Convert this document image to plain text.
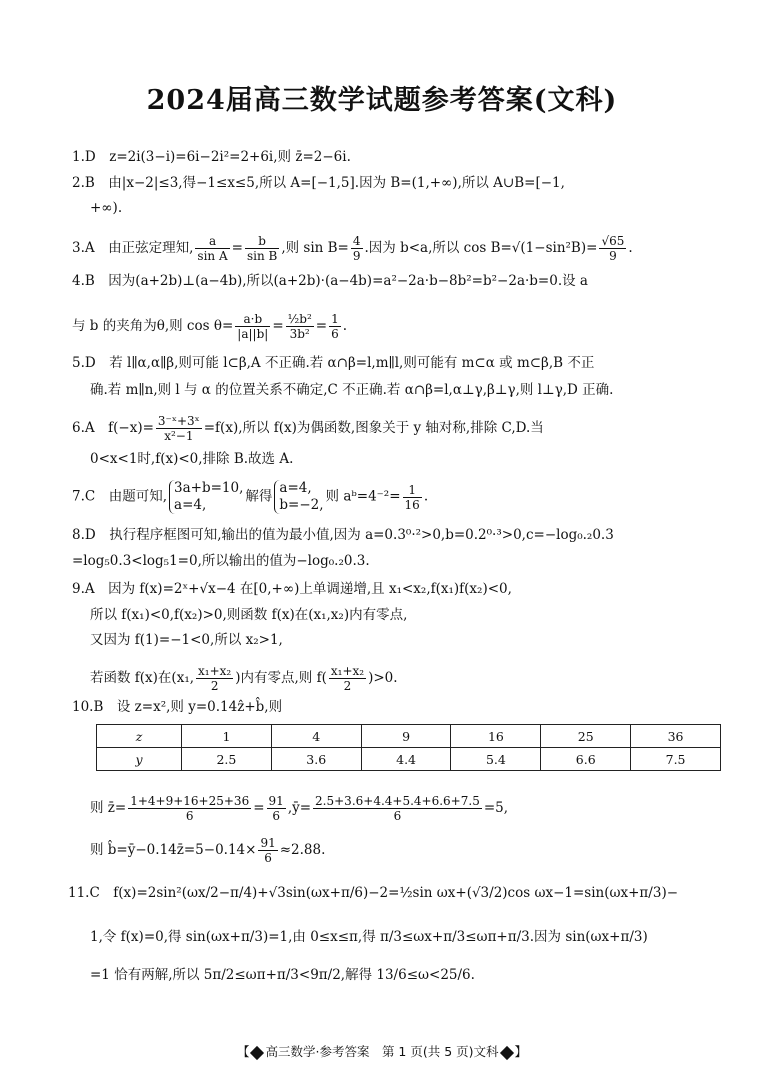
2024届高三数学试题参考答案(文科)
1.D　z=2i(3−i)=6i−2i²=2+6i,则 z̄=2−6i.
2.B　由|x−2|≤3,得−1≤x≤5,所以 A=[−1,5].因为 B=(1,+∞),所以 A∪B=[−1,
+∞).
3.A　由正弦定理知, $\frac{a}{\text{sin A}} = \frac{b}{\text{sin B}}$ ,则 $\sin B= \frac{4}{9}$ .因为 b<a,所以 $\cos B=√(1-\sin^2B)= \frac{√65}{9}$ .
4.B　因为(a+2b)⊥(a−4b),所以(a+2b)·(a−4b)=a²−2a·b−8b²=b²−2a·b=0.设 a
与 b 的夹角为θ,则 $\cos \theta= \frac{a\cdot b}{|a||b|} = \frac{\text{½b²}}{\text{3b²}} = \frac{1}{6}$ .
5.D　若 l∥α,α∥β,则可能 l⊂β,A 不正确.若 α∩β=l,m∥l,则可能有 m⊂α 或 m⊂β,B 不正
确.若 m∥n,则 l 与 α 的位置关系不确定,C 不正确.若 α∩β=l,α⊥γ,β⊥γ,则 l⊥γ,D 正确.
6.A　$f(-x)= \frac{\text{3⁻ˣ+3ˣ}}{\text{x²−1}} =f(x)$,所以 f(x)为偶函数,图象关于 y 轴对称,排除 C,D.当
0<x<1时,f(x)<0,排除 B.故选 A.
7.C　由题可知,
3a+b=10,
a=4,
解得
a=4,
b=−2,
则 aᵇ=4⁻²= $\frac{1}{16}$ .
8.D　执行程序框图可知,输出的值为最小值,因为 a=0.3⁰·²>0,b=0.2⁰·³>0,c=−log₀.₂0.3
=log₅0.3<log₅1=0,所以输出的值为−log₀.₂0.3.
9.A　因为 f(x)=2ˣ+√x−4 在[0,+∞)上单调递增,且 x₁<x₂,f(x₁)f(x₂)<0,
所以 f(x₁)<0,f(x₂)>0,则函数 f(x)在(x₁,x₂)内有零点,
又因为 f(1)=−1<0,所以 x₂>1,
若函数 f(x)在(x₁, $\frac{\text{x₁+x₂}}{2}$ )内有零点,则 $f( \frac{\text{x₁+x₂}}{2} )>0$.
10.B　设 z=x²,则 y=0.14ẑ+b̂,则
z	1	4	9	16	25	36
y	2.5	3.6	4.4	5.4	6.6	7.5
则 z̄= $\frac{1+4+9+16+25+36}{6} = \frac{91}{6}$ ,ȳ= $\frac{2.5+3.6+4.4+5.4+6.6+7.5}{6} =5$,
则 b̂=ȳ−0.14z̄=5−0.14× $\frac{91}{6} \approx 2.88$.
11.C　f(x)=2sin²(ωx/2−π/4)+√3sin(ωx+π/6)−2=½sin ωx+(√3/2)cos ωx−1=sin(ωx+π/3)−
1,令 f(x)=0,得 sin(ωx+π/3)=1,由 0≤x≤π,得 π/3≤ωx+π/3≤ωπ+π/3.因为 sin(ωx+π/3)
=1 恰有两解,所以 5π/2≤ωπ+π/3<9π/2,解得 13/6≤ω<25/6.
【 高三数学·参考答案　第 1 页(共 5 页)文科 】
